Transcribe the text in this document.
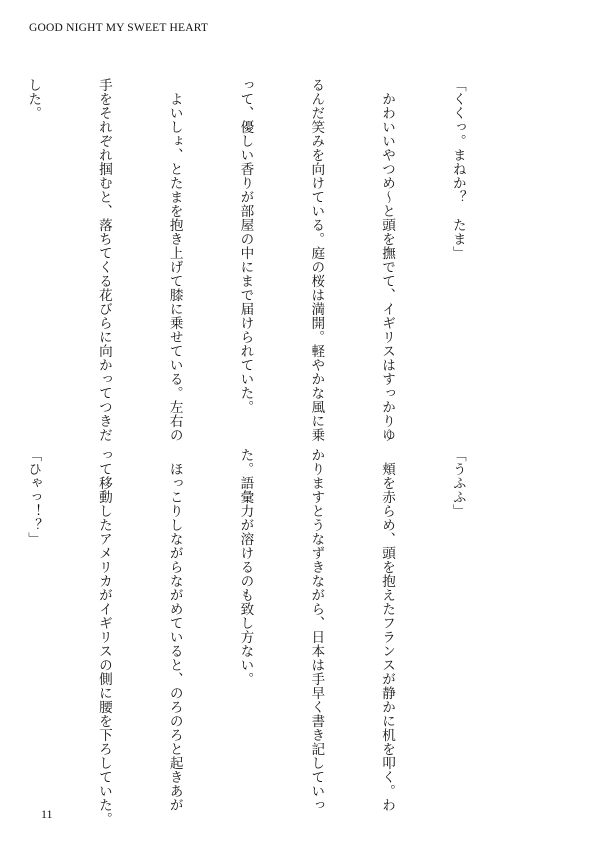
GOOD NIGHT MY SWEET HEART

「くくっ。まねか？　たま」

　かわいいやつめ～と頭を撫でて、イギリスはすっかりゆ

るんだ笑みを向けている。庭の桜は満開。軽やかな風に乗

って、優しい香りが部屋の中にまで届けられていた。

　よいしょ、とたまを抱き上げて膝に乗せている。左右の

手をそれぞれ掴むと、落ちてくる花びらに向かってつきだ

した。

「うふふ」

　頬を赤らめ、頭を抱えたフランスが静かに机を叩く。わ

かりますとうなずきながら、日本は手早く書き記していっ

た。語彙力が溶けるのも致し方ない。

　ほっこりしながらながめていると、のろのろと起きあが

って移動したアメリカがイギリスの側に腰を下ろしていた。

「ひゃっ！？」

11
